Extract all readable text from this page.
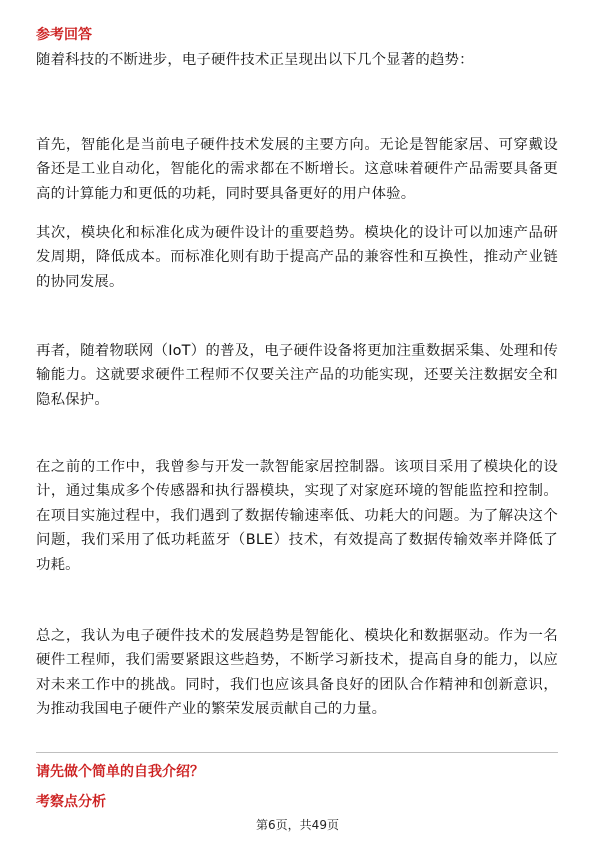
参考回答
随着科技的不断进步，电子硬件技术正呈现出以下几个显著的趋势：
首先，智能化是当前电子硬件技术发展的主要方向。无论是智能家居、可穿戴设备还是工业自动化，智能化的需求都在不断增长。这意味着硬件产品需要具备更高的计算能力和更低的功耗，同时要具备更好的用户体验。
其次，模块化和标准化成为硬件设计的重要趋势。模块化的设计可以加速产品研发周期，降低成本。而标准化则有助于提高产品的兼容性和互换性，推动产业链的协同发展。
再者，随着物联网（IoT）的普及，电子硬件设备将更加注重数据采集、处理和传输能力。这就要求硬件工程师不仅要关注产品的功能实现，还要关注数据安全和隐私保护。
在之前的工作中，我曾参与开发一款智能家居控制器。该项目采用了模块化的设计，通过集成多个传感器和执行器模块，实现了对家庭环境的智能监控和控制。在项目实施过程中，我们遇到了数据传输速率低、功耗大的问题。为了解决这个问题，我们采用了低功耗蓝牙（BLE）技术，有效提高了数据传输效率并降低了功耗。
总之，我认为电子硬件技术的发展趋势是智能化、模块化和数据驱动。作为一名硬件工程师，我们需要紧跟这些趋势，不断学习新技术，提高自身的能力，以应对未来工作中的挑战。同时，我们也应该具备良好的团队合作精神和创新意识，为推动我国电子硬件产业的繁荣发展贡献自己的力量。
请先做个简单的自我介绍？
考察点分析
第6页，共49页
